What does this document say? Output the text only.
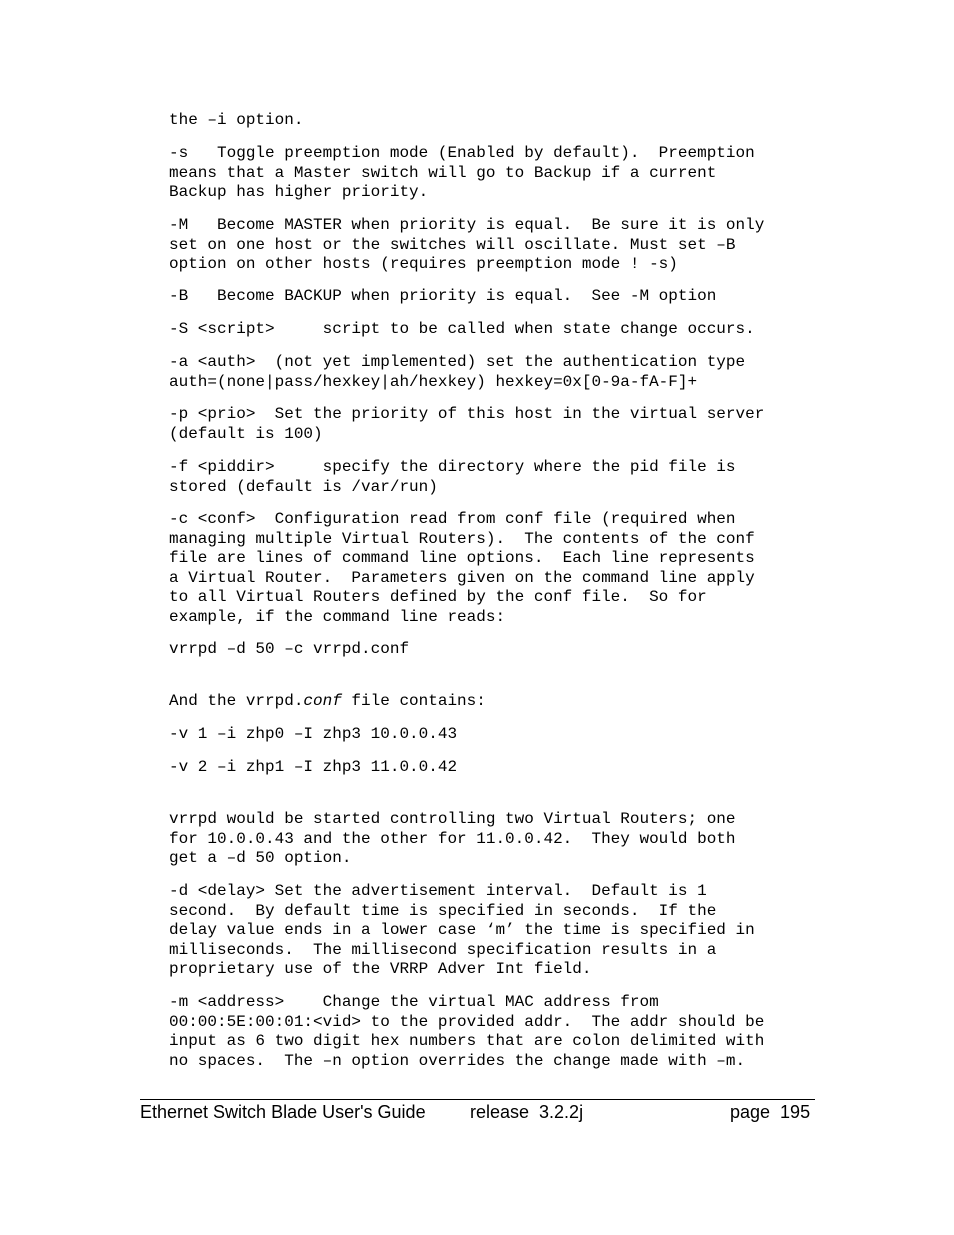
the –i option.

-s   Toggle preemption mode (Enabled by default).  Preemption
means that a Master switch will go to Backup if a current
Backup has higher priority.

-M   Become MASTER when priority is equal.  Be sure it is only
set on one host or the switches will oscillate. Must set –B
option on other hosts (requires preemption mode ! -s)

-B   Become BACKUP when priority is equal.  See -M option

-S <script>     script to be called when state change occurs.

-a <auth>  (not yet implemented) set the authentication type
auth=(none|pass/hexkey|ah/hexkey) hexkey=0x[0-9a-fA-F]+

-p <prio>  Set the priority of this host in the virtual server
(default is 100)

-f <piddir>     specify the directory where the pid file is
stored (default is /var/run)

-c <conf>  Configuration read from conf file (required when
managing multiple Virtual Routers).  The contents of the conf
file are lines of command line options.  Each line represents
a Virtual Router.  Parameters given on the command line apply
to all Virtual Routers defined by the conf file.  So for
example, if the command line reads:

vrrpd –d 50 –c vrrpd.conf

And the vrrpd.conf file contains:

-v 1 –i zhp0 –I zhp3 10.0.0.43

-v 2 –i zhp1 –I zhp3 11.0.0.42

vrrpd would be started controlling two Virtual Routers; one
for 10.0.0.43 and the other for 11.0.0.42.  They would both
get a –d 50 option.

-d <delay> Set the advertisement interval.  Default is 1
second.  By default time is specified in seconds.  If the
delay value ends in a lower case ‘m’ the time is specified in
milliseconds.  The millisecond specification results in a
proprietary use of the VRRP Adver Int field.

-m <address>    Change the virtual MAC address from
00:00:5E:00:01:<vid> to the provided addr.  The addr should be
input as 6 two digit hex numbers that are colon delimited with
no spaces.  The –n option overrides the change made with –m.

Ethernet Switch Blade User's Guide release  3.2.2j	page  195
